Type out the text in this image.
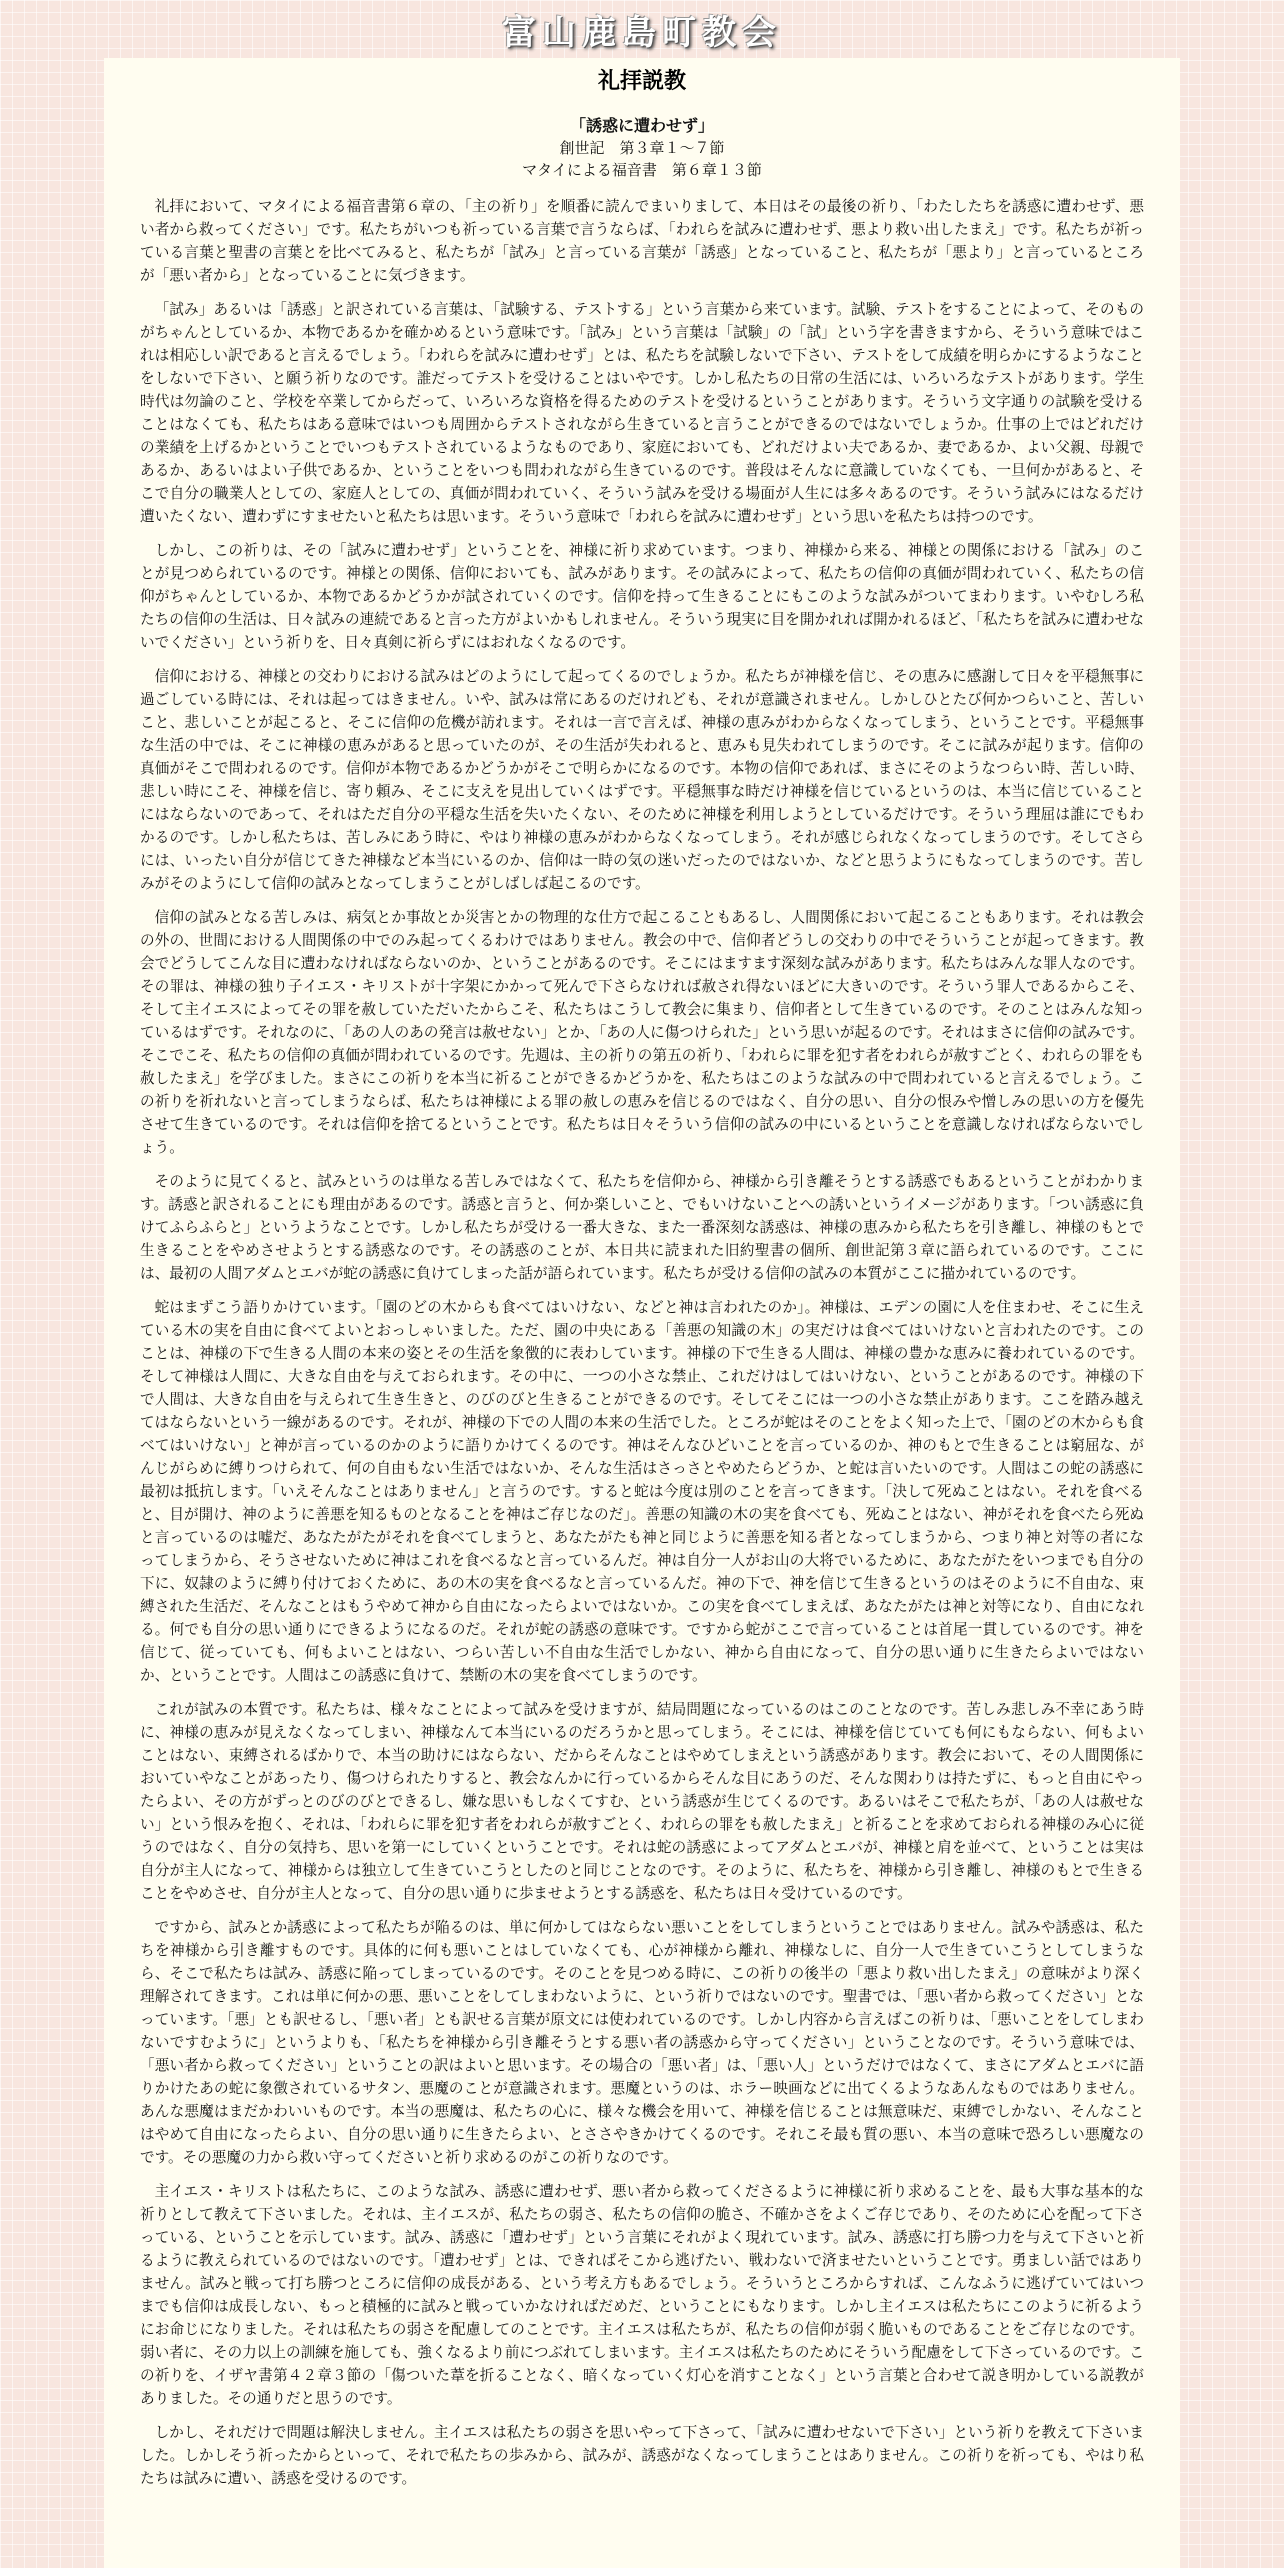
富山鹿島町教会
礼拝説教
「誘惑に遭わせず」
創世記　第３章１～７節
マタイによる福音書　第６章１３節

礼拝において、マタイによる福音書第６章の、「主の祈り」を順番に読んでまいりまして、本日はその最後の祈り、「わたしたちを誘惑に遭わせず、悪い者から救ってください」です。私たちがいつも祈っている言葉で言うならば、「われらを試みに遭わせず、悪より救い出したまえ」です。私たちが祈っている言葉と聖書の言葉とを比べてみると、私たちが「試み」と言っている言葉が「誘惑」となっていること、私たちが「悪より」と言っているところが「悪い者から」となっていることに気づきます。

「試み」あるいは「誘惑」と訳されている言葉は、「試験する、テストする」という言葉から来ています。試験、テストをすることによって、そのものがちゃんとしているか、本物であるかを確かめるという意味です。「試み」という言葉は「試験」の「試」という字を書きますから、そういう意味ではこれは相応しい訳であると言えるでしょう。「われらを試みに遭わせず」とは、私たちを試験しないで下さい、テストをして成績を明らかにするようなことをしないで下さい、と願う祈りなのです。誰だってテストを受けることはいやです。しかし私たちの日常の生活には、いろいろなテストがあります。学生時代は勿論のこと、学校を卒業してからだって、いろいろな資格を得るためのテストを受けるということがあります。そういう文字通りの試験を受けることはなくても、私たちはある意味ではいつも周囲からテストされながら生きていると言うことができるのではないでしょうか。仕事の上ではどれだけの業績を上げるかということでいつもテストされているようなものであり、家庭においても、どれだけよい夫であるか、妻であるか、よい父親、母親であるか、あるいはよい子供であるか、ということをいつも問われながら生きているのです。普段はそんなに意識していなくても、一旦何かがあると、そこで自分の職業人としての、家庭人としての、真価が問われていく、そういう試みを受ける場面が人生には多々あるのです。そういう試みにはなるだけ遭いたくない、遭わずにすませたいと私たちは思います。そういう意味で「われらを試みに遭わせず」という思いを私たちは持つのです。

しかし、この祈りは、その「試みに遭わせず」ということを、神様に祈り求めています。つまり、神様から来る、神様との関係における「試み」のことが見つめられているのです。神様との関係、信仰においても、試みがあります。その試みによって、私たちの信仰の真価が問われていく、私たちの信仰がちゃんとしているか、本物であるかどうかが試されていくのです。信仰を持って生きることにもこのような試みがついてまわります。いやむしろ私たちの信仰の生活は、日々試みの連続であると言った方がよいかもしれません。そういう現実に目を開かれれば開かれるほど、「私たちを試みに遭わせないでください」という祈りを、日々真剣に祈らずにはおれなくなるのです。

信仰における、神様との交わりにおける試みはどのようにして起ってくるのでしょうか。私たちが神様を信じ、その恵みに感謝して日々を平穏無事に過ごしている時には、それは起ってはきません。いや、試みは常にあるのだけれども、それが意識されません。しかしひとたび何かつらいこと、苦しいこと、悲しいことが起こると、そこに信仰の危機が訪れます。それは一言で言えば、神様の恵みがわからなくなってしまう、ということです。平穏無事な生活の中では、そこに神様の恵みがあると思っていたのが、その生活が失われると、恵みも見失われてしまうのです。そこに試みが起ります。信仰の真価がそこで問われるのです。信仰が本物であるかどうかがそこで明らかになるのです。本物の信仰であれば、まさにそのようなつらい時、苦しい時、悲しい時にこそ、神様を信じ、寄り頼み、そこに支えを見出していくはずです。平穏無事な時だけ神様を信じているというのは、本当に信じていることにはならないのであって、それはただ自分の平穏な生活を失いたくない、そのために神様を利用しようとしているだけです。そういう理屈は誰にでもわかるのです。しかし私たちは、苦しみにあう時に、やはり神様の恵みがわからなくなってしまう。それが感じられなくなってしまうのです。そしてさらには、いったい自分が信じてきた神様など本当にいるのか、信仰は一時の気の迷いだったのではないか、などと思うようにもなってしまうのです。苦しみがそのようにして信仰の試みとなってしまうことがしばしば起こるのです。

信仰の試みとなる苦しみは、病気とか事故とか災害とかの物理的な仕方で起こることもあるし、人間関係において起こることもあります。それは教会の外の、世間における人間関係の中でのみ起ってくるわけではありません。教会の中で、信仰者どうしの交わりの中でそういうことが起ってきます。教会でどうしてこんな目に遭わなければならないのか、ということがあるのです。そこにはますます深刻な試みがあります。私たちはみんな罪人なのです。その罪は、神様の独り子イエス・キリストが十字架にかかって死んで下さらなければ赦され得ないほどに大きいのです。そういう罪人であるからこそ、そして主イエスによってその罪を赦していただいたからこそ、私たちはこうして教会に集まり、信仰者として生きているのです。そのことはみんな知っているはずです。それなのに、「あの人のあの発言は赦せない」とか、「あの人に傷つけられた」という思いが起るのです。それはまさに信仰の試みです。そこでこそ、私たちの信仰の真価が問われているのです。先週は、主の祈りの第五の祈り、「われらに罪を犯す者をわれらが赦すごとく、われらの罪をも赦したまえ」を学びました。まさにこの祈りを本当に祈ることができるかどうかを、私たちはこのような試みの中で問われていると言えるでしょう。この祈りを祈れないと言ってしまうならば、私たちは神様による罪の赦しの恵みを信じるのではなく、自分の思い、自分の恨みや憎しみの思いの方を優先させて生きているのです。それは信仰を捨てるということです。私たちは日々そういう信仰の試みの中にいるということを意識しなければならないでしょう。

そのように見てくると、試みというのは単なる苦しみではなくて、私たちを信仰から、神様から引き離そうとする誘惑でもあるということがわかります。誘惑と訳されることにも理由があるのです。誘惑と言うと、何か楽しいこと、でもいけないことへの誘いというイメージがあります。「つい誘惑に負けてふらふらと」というようなことです。しかし私たちが受ける一番大きな、また一番深刻な誘惑は、神様の恵みから私たちを引き離し、神様のもとで生きることをやめさせようとする誘惑なのです。その誘惑のことが、本日共に読まれた旧約聖書の個所、創世記第３章に語られているのです。ここには、最初の人間アダムとエバが蛇の誘惑に負けてしまった話が語られています。私たちが受ける信仰の試みの本質がここに描かれているのです。

蛇はまずこう語りかけています。「園のどの木からも食べてはいけない、などと神は言われたのか」。神様は、エデンの園に人を住まわせ、そこに生えている木の実を自由に食べてよいとおっしゃいました。ただ、園の中央にある「善悪の知識の木」の実だけは食べてはいけないと言われたのです。このことは、神様の下で生きる人間の本来の姿とその生活を象徴的に表わしています。神様の下で生きる人間は、神様の豊かな恵みに養われているのです。そして神様は人間に、大きな自由を与えておられます。その中に、一つの小さな禁止、これだけはしてはいけない、ということがあるのです。神様の下で人間は、大きな自由を与えられて生き生きと、のびのびと生きることができるのです。そしてそこには一つの小さな禁止があります。ここを踏み越えてはならないという一線があるのです。それが、神様の下での人間の本来の生活でした。ところが蛇はそのことをよく知った上で、「園のどの木からも食べてはいけない」と神が言っているのかのように語りかけてくるのです。神はそんなひどいことを言っているのか、神のもとで生きることは窮屈な、がんじがらめに縛りつけられて、何の自由もない生活ではないか、そんな生活はさっさとやめたらどうか、と蛇は言いたいのです。人間はこの蛇の誘惑に最初は抵抗します。「いえそんなことはありません」と言うのです。すると蛇は今度は別のことを言ってきます。「決して死ぬことはない。それを食べると、目が開け、神のように善悪を知るものとなることを神はご存じなのだ」。善悪の知識の木の実を食べても、死ぬことはない、神がそれを食べたら死ぬと言っているのは嘘だ、あなたがたがそれを食べてしまうと、あなたがたも神と同じように善悪を知る者となってしまうから、つまり神と対等の者になってしまうから、そうさせないために神はこれを食べるなと言っているんだ。神は自分一人がお山の大将でいるために、あなたがたをいつまでも自分の下に、奴隷のように縛り付けておくために、あの木の実を食べるなと言っているんだ。神の下で、神を信じて生きるというのはそのように不自由な、束縛された生活だ、そんなことはもうやめて神から自由になったらよいではないか。この実を食べてしまえば、あなたがたは神と対等になり、自由になれる。何でも自分の思い通りにできるようになるのだ。それが蛇の誘惑の意味です。ですから蛇がここで言っていることは首尾一貫しているのです。神を信じて、従っていても、何もよいことはない、つらい苦しい不自由な生活でしかない、神から自由になって、自分の思い通りに生きたらよいではないか、ということです。人間はこの誘惑に負けて、禁断の木の実を食べてしまうのです。

これが試みの本質です。私たちは、様々なことによって試みを受けますが、結局問題になっているのはこのことなのです。苦しみ悲しみ不幸にあう時に、神様の恵みが見えなくなってしまい、神様なんて本当にいるのだろうかと思ってしまう。そこには、神様を信じていても何にもならない、何もよいことはない、束縛されるばかりで、本当の助けにはならない、だからそんなことはやめてしまえという誘惑があります。教会において、その人間関係においていやなことがあったり、傷つけられたりすると、教会なんかに行っているからそんな目にあうのだ、そんな関わりは持たずに、もっと自由にやったらよい、その方がずっとのびのびとできるし、嫌な思いもしなくてすむ、という誘惑が生じてくるのです。あるいはそこで私たちが、「あの人は赦せない」という恨みを抱く、それは、「われらに罪を犯す者をわれらが赦すごとく、われらの罪をも赦したまえ」と祈ることを求めておられる神様のみ心に従うのではなく、自分の気持ち、思いを第一にしていくということです。それは蛇の誘惑によってアダムとエバが、神様と肩を並べて、ということは実は自分が主人になって、神様からは独立して生きていこうとしたのと同じことなのです。そのように、私たちを、神様から引き離し、神様のもとで生きることをやめさせ、自分が主人となって、自分の思い通りに歩ませようとする誘惑を、私たちは日々受けているのです。

ですから、試みとか誘惑によって私たちが陥るのは、単に何かしてはならない悪いことをしてしまうということではありません。試みや誘惑は、私たちを神様から引き離すものです。具体的に何も悪いことはしていなくても、心が神様から離れ、神様なしに、自分一人で生きていこうとしてしまうなら、そこで私たちは試み、誘惑に陥ってしまっているのです。そのことを見つめる時に、この祈りの後半の「悪より救い出したまえ」の意味がより深く理解されてきます。これは単に何かの悪、悪いことをしてしまわないように、という祈りではないのです。聖書では、「悪い者から救ってください」となっています。「悪」とも訳せるし、「悪い者」とも訳せる言葉が原文には使われているのです。しかし内容から言えばこの祈りは、「悪いことをしてしまわないですむように」というよりも、「私たちを神様から引き離そうとする悪い者の誘惑から守ってください」ということなのです。そういう意味では、「悪い者から救ってください」ということの訳はよいと思います。その場合の「悪い者」は、「悪い人」というだけではなくて、まさにアダムとエバに語りかけたあの蛇に象徴されているサタン、悪魔のことが意識されます。悪魔というのは、ホラー映画などに出てくるようなあんなものではありません。あんな悪魔はまだかわいいものです。本当の悪魔は、私たちの心に、様々な機会を用いて、神様を信じることは無意味だ、束縛でしかない、そんなことはやめて自由になったらよい、自分の思い通りに生きたらよい、とささやきかけてくるのです。それこそ最も質の悪い、本当の意味で恐ろしい悪魔なのです。その悪魔の力から救い守ってくださいと祈り求めるのがこの祈りなのです。

主イエス・キリストは私たちに、このような試み、誘惑に遭わせず、悪い者から救ってくださるように神様に祈り求めることを、最も大事な基本的な祈りとして教えて下さいました。それは、主イエスが、私たちの弱さ、私たちの信仰の脆さ、不確かさをよくご存じであり、そのために心を配って下さっている、ということを示しています。試み、誘惑に「遭わせず」という言葉にそれがよく現れています。試み、誘惑に打ち勝つ力を与えて下さいと祈るように教えられているのではないのです。「遭わせず」とは、できればそこから逃げたい、戦わないで済ませたいということです。勇ましい話ではありません。試みと戦って打ち勝つところに信仰の成長がある、という考え方もあるでしょう。そういうところからすれば、こんなふうに逃げていてはいつまでも信仰は成長しない、もっと積極的に試みと戦っていかなければだめだ、ということにもなります。しかし主イエスは私たちにこのように祈るようにお命じになりました。それは私たちの弱さを配慮してのことです。主イエスは私たちが、私たちの信仰が弱く脆いものであることをご存じなのです。弱い者に、その力以上の訓練を施しても、強くなるより前につぶれてしまいます。主イエスは私たちのためにそういう配慮をして下さっているのです。この祈りを、イザヤ書第４２章３節の「傷ついた葦を折ることなく、暗くなっていく灯心を消すことなく」という言葉と合わせて説き明かしている説教がありました。その通りだと思うのです。

しかし、それだけで問題は解決しません。主イエスは私たちの弱さを思いやって下さって、「試みに遭わせないで下さい」という祈りを教えて下さいました。しかしそう祈ったからといって、それで私たちの歩みから、試みが、誘惑がなくなってしまうことはありません。この祈りを祈っても、やはり私たちは試みに遭い、誘惑を受けるのです。
